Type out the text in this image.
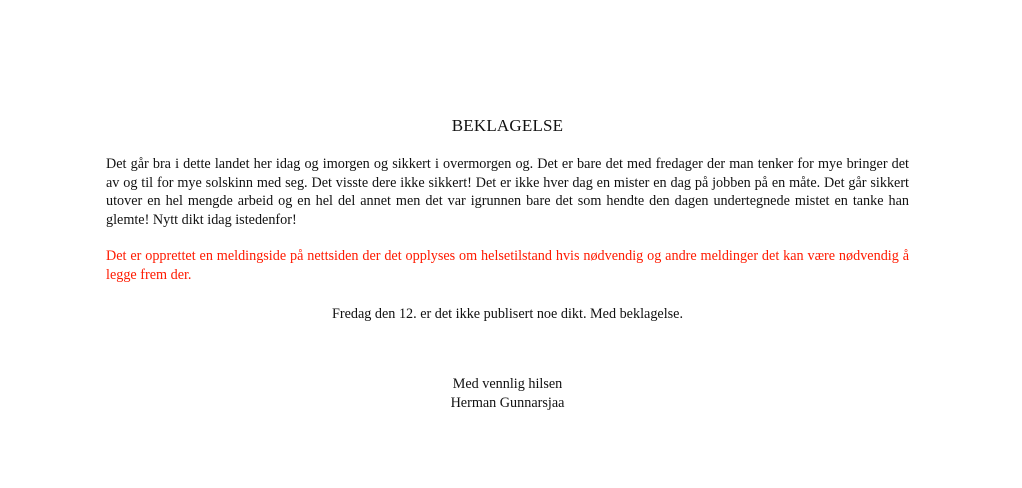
BEKLAGELSE

Det går bra i dette landet her idag og imorgen og sikkert i overmorgen og. Det er bare det med fredager der man tenker for mye bringer det av og til for mye solskinn med seg. Det visste dere ikke sikkert! Det er ikke hver dag en mister en dag på jobben på en måte. Det går sikkert utover en hel mengde arbeid og en hel del annet men det var igrunnen bare det som hendte den dagen undertegnede mistet en tanke han glemte! Nytt dikt idag istedenfor!

Det er opprettet en meldingside på nettsiden der det opplyses om helsetilstand hvis nødvendig og andre meldinger det kan være nødvendig å legge frem der.

Fredag den 12. er det ikke publisert noe dikt. Med beklagelse.

Med vennlig hilsen
Herman Gunnarsjaa
